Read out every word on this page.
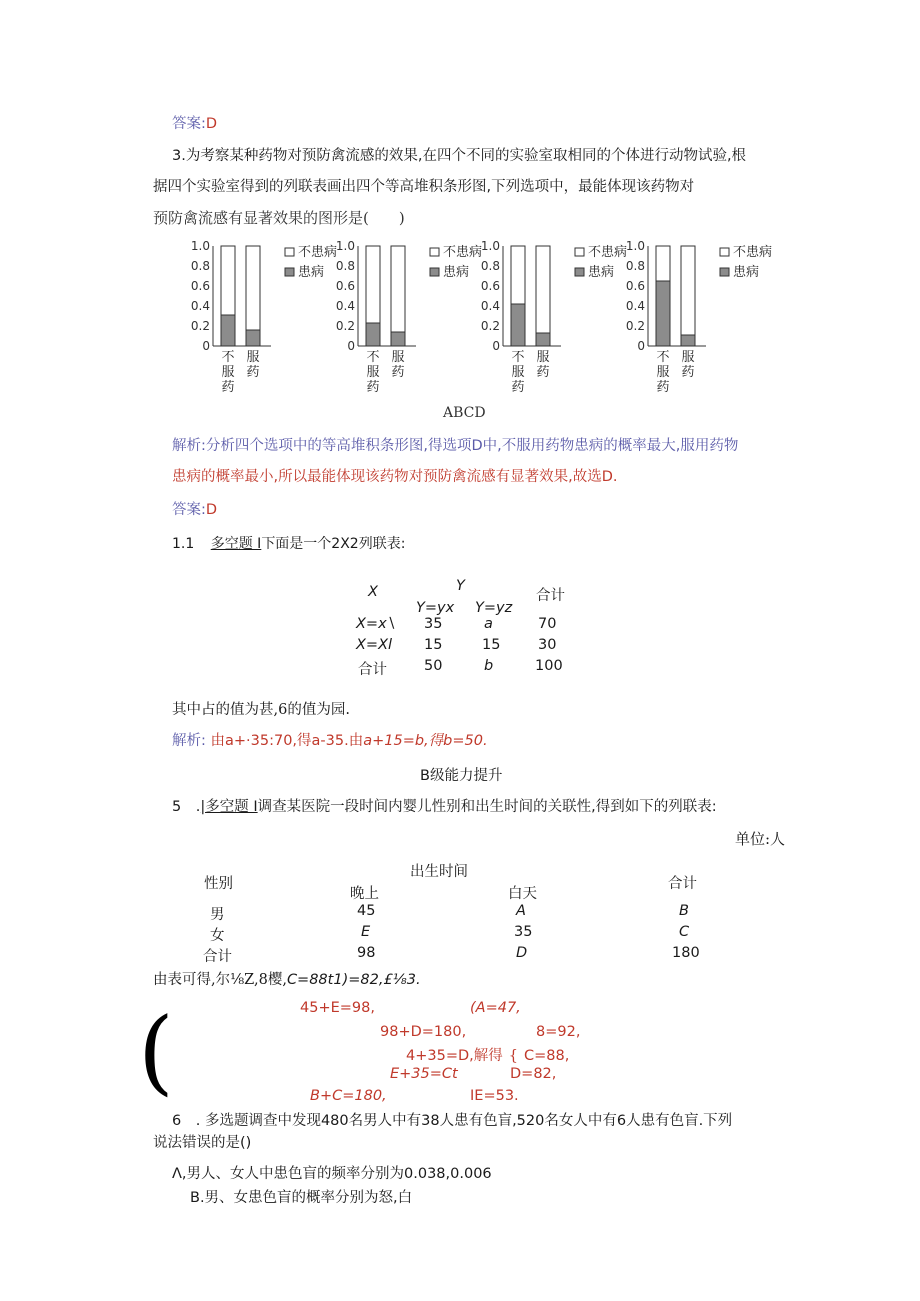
答案:D
3.为考察某种药物对预防禽流感的效果,在四个不同的实验室取相同的个体进行动物试验,根
据四个实验室得到的列联表画出四个等高堆积条形图,下列选项中，最能体现该药物对
预防禽流感有显著效果的图形是(　　)
1.0
0.8
0.6
0.4
0.2
0
不
服
药
服
药
不患病
患病
1.0
0.8
0.6
0.4
0.2
0
不
服
药
服
药
不患病
患病
1.0
0.8
0.6
0.4
0.2
0
不
服
药
服
药
不患病
患病
1.0
0.8
0.6
0.4
0.2
0
不
服
药
服
药
不患病
患病
ABCD
解析:分析四个选项中的等高堆积条形图,得选项D中,不服用药物患病的概率最大,服用药物
患病的概率最小,所以最能体现该药物对预防禽流感有显著效果,故选D.
答案:D
1.1 多空题 I下面是一个2X2列联表:
X	Y
合计
Y=yx Y=yz
X=x∖ 35	a	70
X=Xl 15	15	30
合计	50	b	100
其中占的值为甚,6的值为园.
解析: 由a+·35:70,得a-35.由a+15=b,得b=50.
B级能力提升
5　.|多空题 I调查某医院一段时间内婴儿性别和出生时间的关联性,得到如下的列联表:
单位:人
出生时间
性别
晚上	白天
合计
男	45	A	B
女	E	35	C
合计	98	D	180
由表可得,尔⅛Z,8樱,C=88t1)=82,£⅛3.
(	45+E=98,	(A=47,
98+D=180,	8=92,
4+35=D,解得 { C=88,
E+35=Ct	D=82,
B+C=180,	IE=53.
6　. 多选题调查中发现480名男人中有38人患有色盲,520名女人中有6人患有色盲.下列
说法错误的是()
Λ,男人、女人中患色盲的频率分别为0.038,0.006
B.男、女患色盲的概率分别为怒,白
